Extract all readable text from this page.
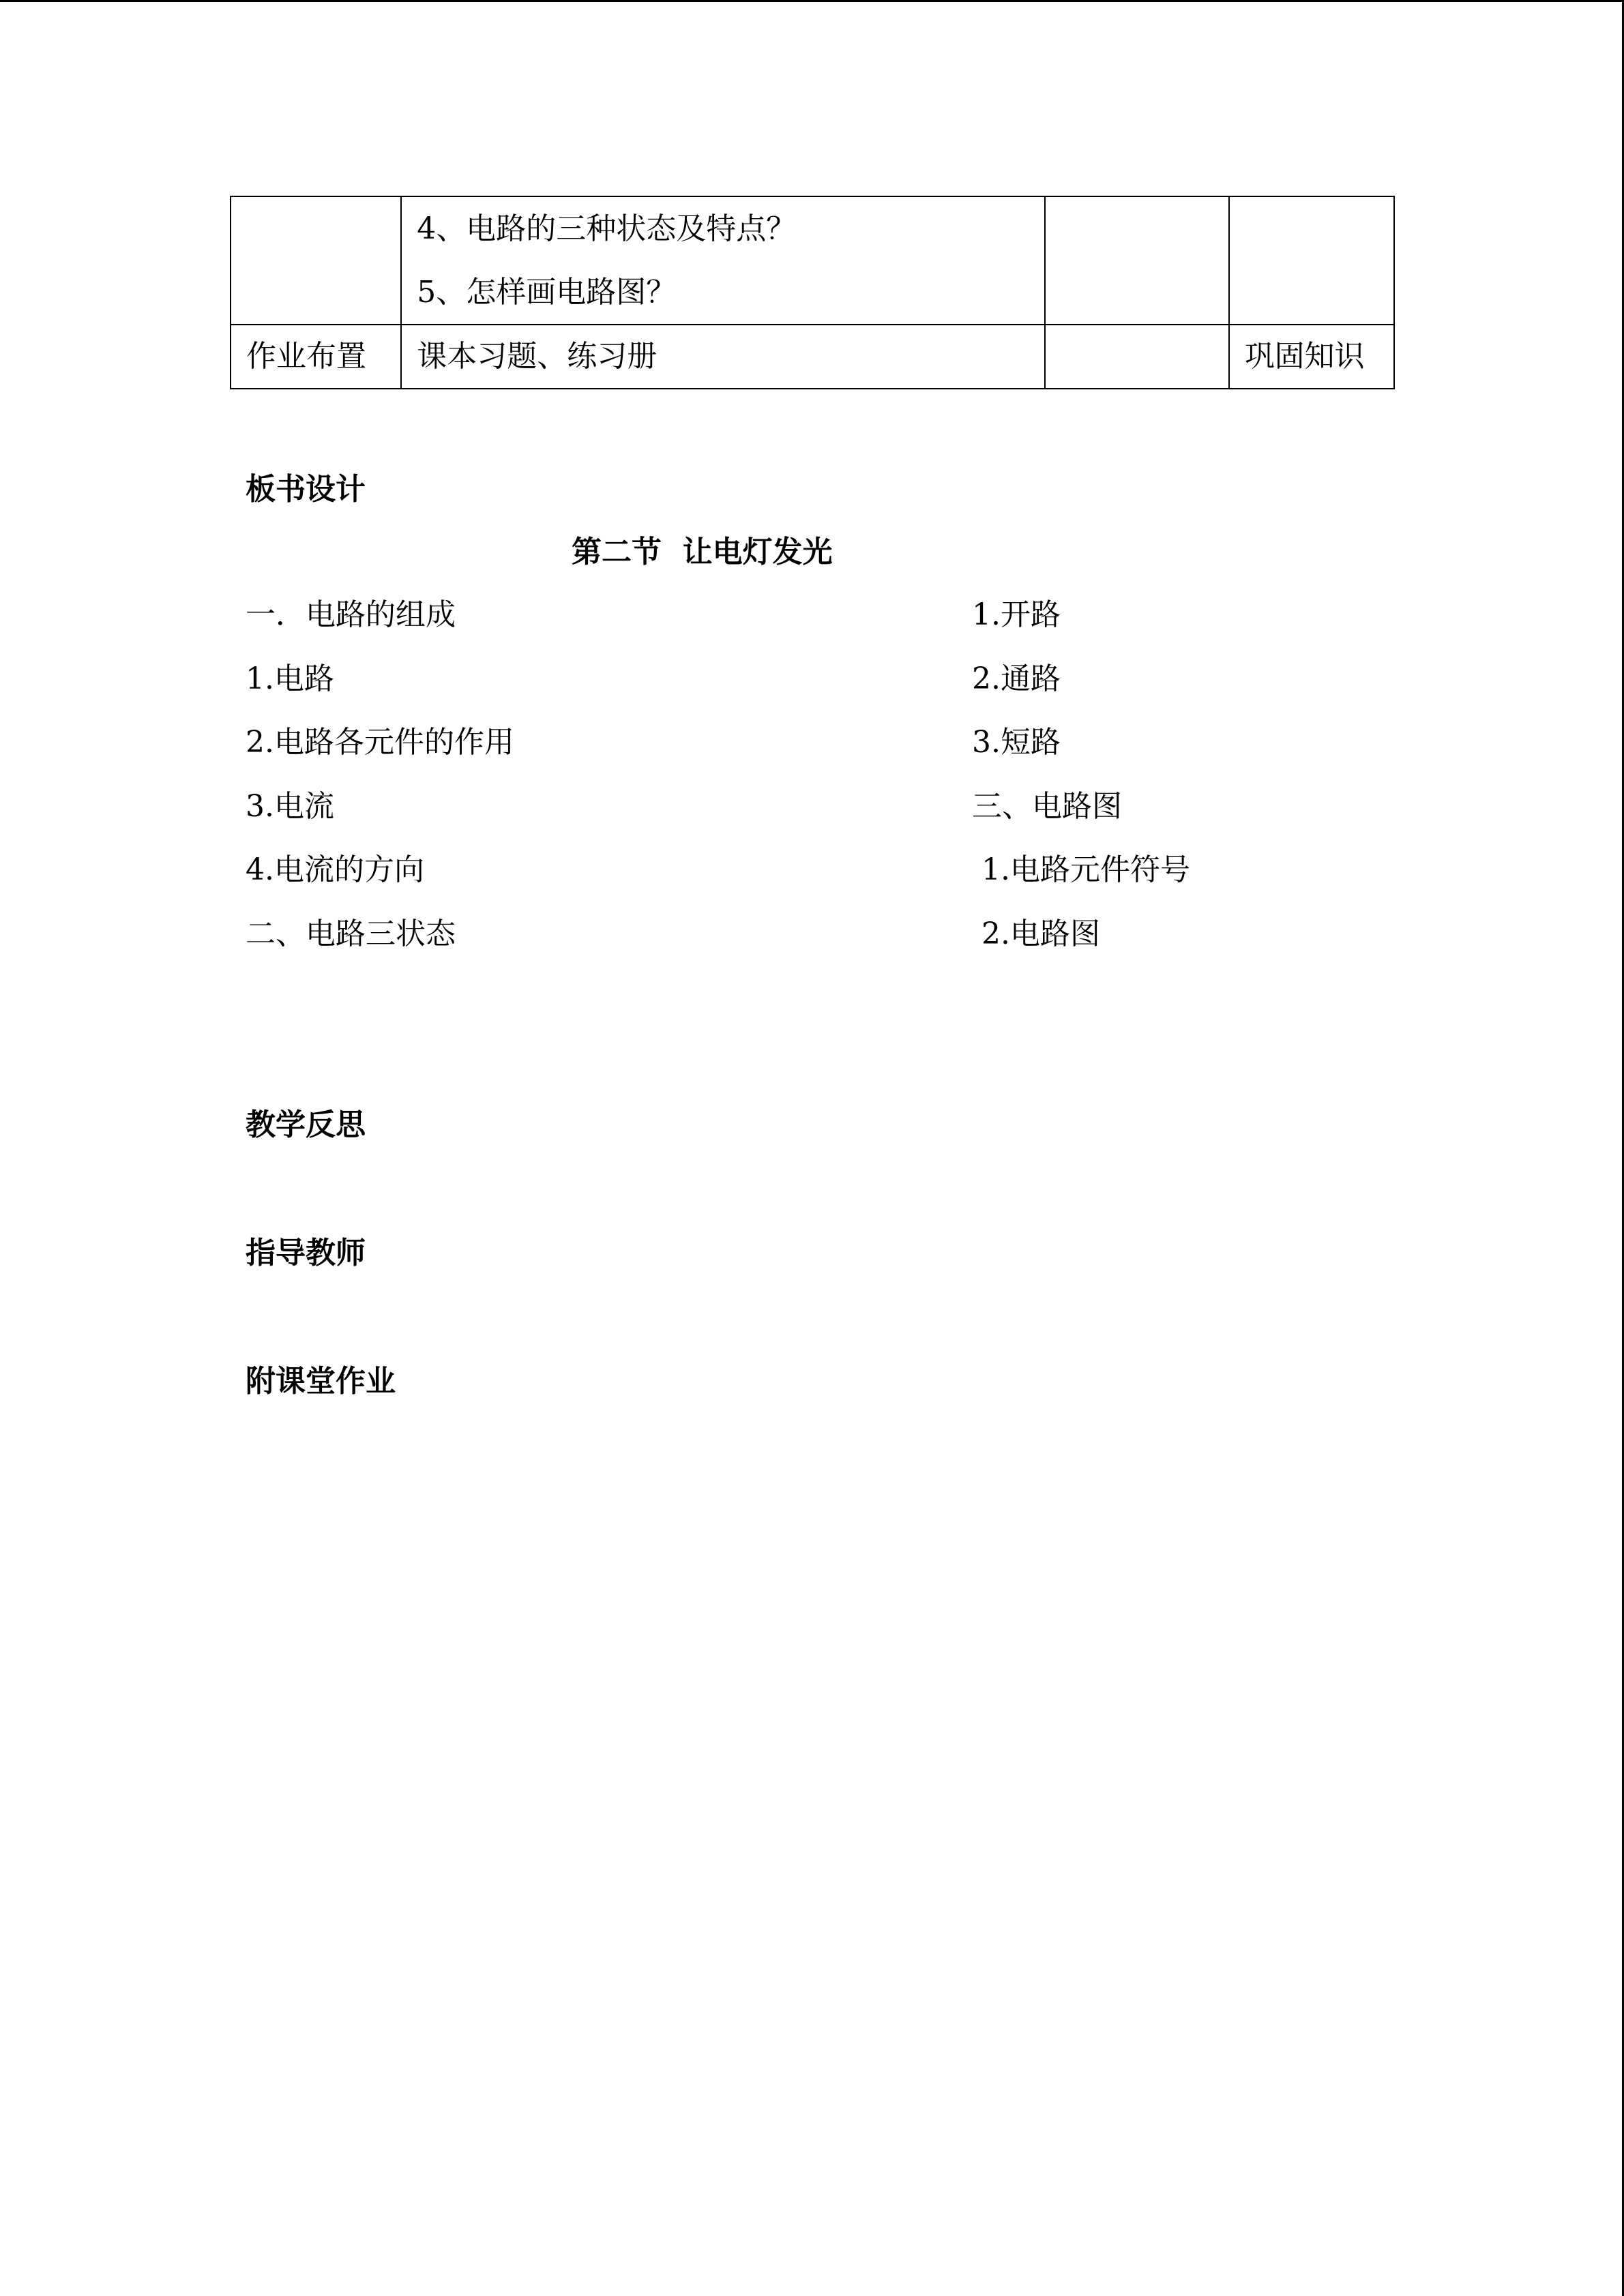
	4、电路的三种状态及特点？
5、怎样画电路图？		

作业布置	课本习题、练习册		巩固知识
板书设计
第二节  让电灯发光
一．电路的组成
1.电路
2.电路各元件的作用
3.电流
4.电流的方向
二、电路三状态
1.开路
2.通路
3.短路
三、电路图
1.电路元件符号
2.电路图
教学反思
指导教师
附课堂作业
